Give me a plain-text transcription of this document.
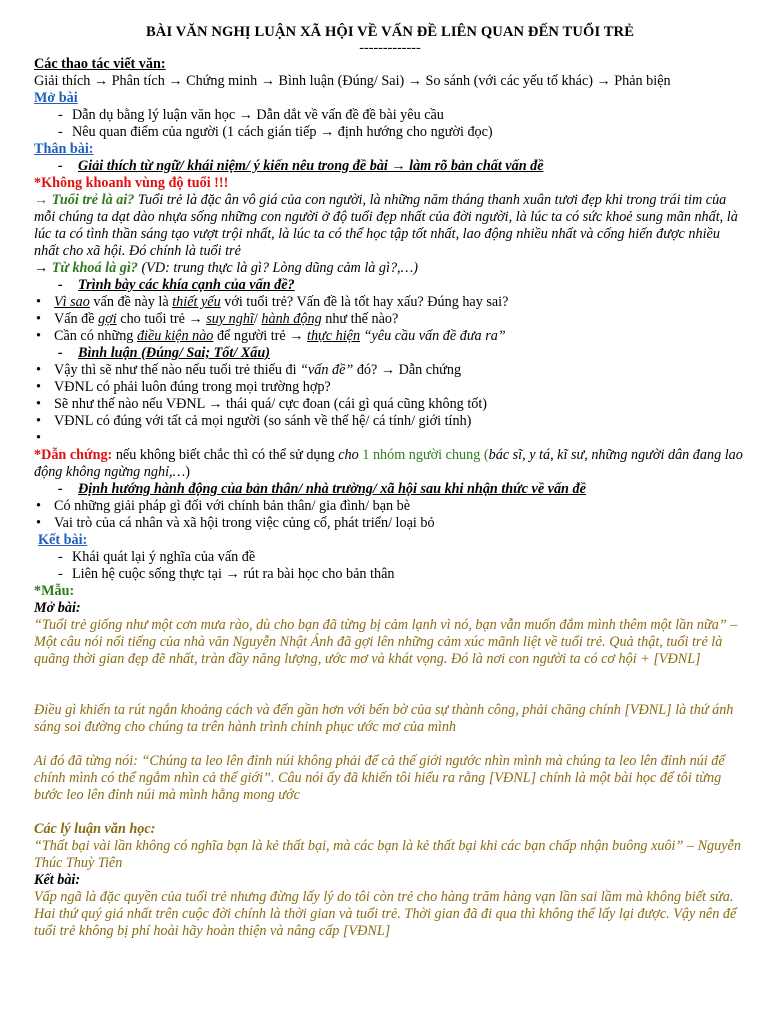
BÀI VĂN NGHỊ LUẬN XÃ HỘI VỀ VẤN ĐỀ LIÊN QUAN ĐẾN TUỔI TRẺ
-------------
Các thao tác viết văn:
Giải thích → Phân tích → Chứng minh → Bình luận (Đúng/ Sai) → So sánh (với các yếu tố khác) → Phản biện
Mở bài
- Dẫn dụ bằng lý luận văn học → Dẫn dắt về vấn đề đề bài yêu cầu
- Nêu quan điểm của người (1 cách gián tiếp → định hướng cho người đọc)
Thân bài:
- Giải thích từ ngữ/ khái niệm/ ý kiến nêu trong đề bài → làm rõ bản chất vấn đề
*Không khoanh vùng độ tuổi !!!
→ Tuổi trẻ là ai? Tuổi trẻ là đặc ân vô giá của con người, là những năm tháng thanh xuân tươi đẹp khi trong trái tim của mỗi chúng ta dạt dào nhựa sống những con người ở độ tuổi đẹp nhất của đời người, là lúc ta có sức khoẻ sung mãn nhất, là lúc ta có tình thần sáng tạo vượt trội nhất, là lúc ta có thể học tập tốt nhất, lao động nhiều nhất và cống hiến được nhiều nhất cho xã hội. Đó chính là tuổi trẻ
→ Từ khoá là gì? (VD: trung thực là gì? Lòng dũng cảm là gì?,…)
- Trình bày các khía cạnh của vấn đề?
• Vì sao vấn đề này là thiết yếu với tuổi trẻ? Vấn đề là tốt hay xấu? Đúng hay sai?
• Vấn đề gợi cho tuổi trẻ → suy nghĩ/ hành động như thế nào?
• Cần có những điều kiện nào để người trẻ → thực hiện “yêu cầu vấn đề đưa ra”
- Bình luận (Đúng/ Sai; Tốt/ Xấu)
• Vậy thì sẽ như thế nào nếu tuổi trẻ thiếu đi “vấn đề” đó? → Dẫn chứng
• VĐNL có phải luôn đúng trong mọi trường hợp?
• Sẽ như thế nào nếu VĐNL → thái quá/ cực đoan (cái gì quá cũng không tốt)
• VĐNL có đúng với tất cả mọi người (so sánh về thế hệ/ cá tính/ giới tính)
•
*Dẫn chứng: nếu không biết chắc thì có thể sử dụng cho 1 nhóm người chung (bác sĩ, y tá, kĩ sư, những người dân đang lao động không ngừng nghỉ,…)
- Định hướng hành động của bản thân/ nhà trường/ xã hội sau khi nhận thức về vấn đề
• Có những giải pháp gì đối với chính bản thân/ gia đình/ bạn bè
• Vai trò của cá nhân và xã hội trong việc củng cố, phát triển/ loại bỏ
Kết bài:
- Khái quát lại ý nghĩa của vấn đề
- Liên hệ cuộc sống thực tại → rút ra bài học cho bản thân
*Mẫu:
Mở bài:
“Tuổi trẻ giống như một cơn mưa rào, dù cho bạn đã từng bị cảm lạnh vì nó, bạn vẫn muốn đắm mình thêm một lần nữa” – Một câu nói nổi tiếng của nhà văn Nguyễn Nhật Ánh đã gợi lên những cảm xúc mãnh liệt về tuổi trẻ. Quả thật, tuổi trẻ là quãng thời gian đẹp đẽ nhất, tràn đầy năng lượng, ước mơ và khát vọng. Đó là nơi con người ta có cơ hội + [VĐNL]
Điều gì khiến ta rút ngắn khoảng cách và đến gần hơn với bến bờ của sự thành công, phải chăng chính [VĐNL] là thứ ánh sáng soi đường cho chúng ta trên hành trình chinh phục ước mơ của mình
Ai đó đã từng nói: “Chúng ta leo lên đỉnh núi không phải để cả thế giới ngước nhìn mình mà chúng ta leo lên đỉnh núi để chính mình có thể ngắm nhìn cả thế giới”. Câu nói ấy đã khiến tôi hiểu ra rằng [VĐNL] chính là một bài học để tôi từng bước leo lên đỉnh núi mà mình hằng mong ước
Các lý luận văn học:
“Thất bại vài lần không có nghĩa bạn là kẻ thất bại, mà các bạn là kẻ thất bại khi các bạn chấp nhận buông xuôi” – Nguyễn Thúc Thuỳ Tiên
Kết bài:
Vấp ngã là đặc quyền của tuổi trẻ nhưng đừng lấy lý do tôi còn trẻ cho hàng trăm hàng vạn lần sai lầm mà không biết sửa. Hai thứ quý giá nhất trên cuộc đời chính là thời gian và tuổi trẻ. Thời gian đã đi qua thì không thể lấy lại được. Vậy nên để tuổi trẻ không bị phí hoài hãy hoàn thiện và nâng cấp [VĐNL]
